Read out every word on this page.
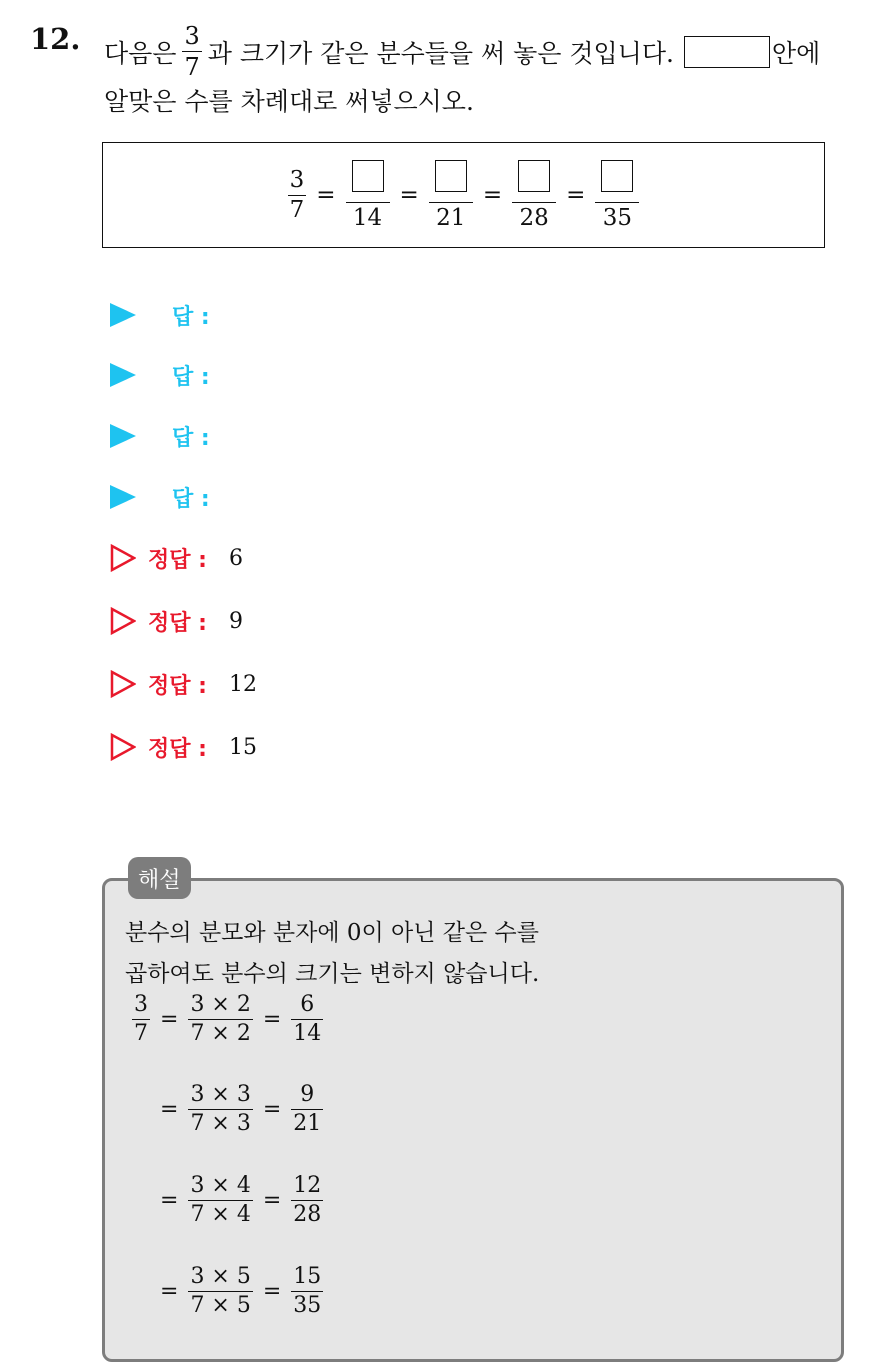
12. 다음은 $\frac{3}{7}$ 과 크기가 같은 분수들을 써 놓은 것입니다.	안에
알맞은 수를 차례대로 써넣으시오.
$\frac{3}{7}$ =
14
=
21
=
28
=
35
답 :
답 :
답 :
답 :
정답 : 6
정답 : 9
정답 : 12
정답 : 15
해설
분수의 분모와 분자에 0이 아닌 같은 수를
곱하여도 분수의 크기는 변하지 않습니다.
$\frac{3}{7} = \frac{3 \times 2}{7 \times 2} = \frac{6}{14}$
= $\frac{3 \times 3}{7 \times 3} = \frac{9}{21}$
= $\frac{3 \times 4}{7 \times 4} = \frac{12}{28}$
= $\frac{3 \times 5}{7 \times 5} = \frac{15}{35}$
